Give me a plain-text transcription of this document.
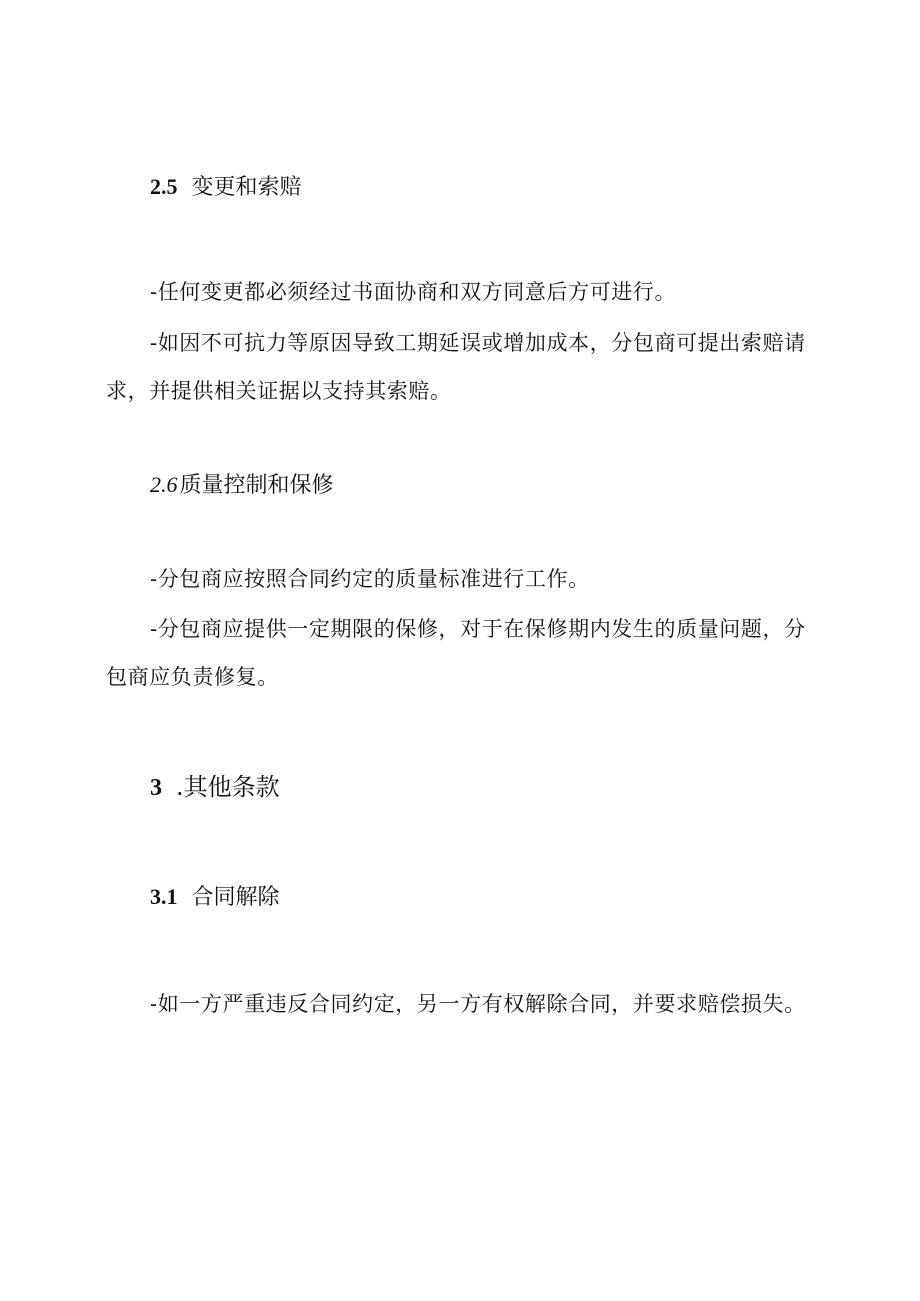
2.5 变更和索赔

-任何变更都必须经过书面协商和双方同意后方可进行。

-如因不可抗力等原因导致工期延误或增加成本，分包商可提出索赔请求，并提供相关证据以支持其索赔。

2.6质量控制和保修

-分包商应按照合同约定的质量标准进行工作。

-分包商应提供一定期限的保修，对于在保修期内发生的质量问题，分包商应负责修复。

3 .其他条款
3.1 合同解除

-如一方严重违反合同约定，另一方有权解除合同，并要求赔偿损失。
